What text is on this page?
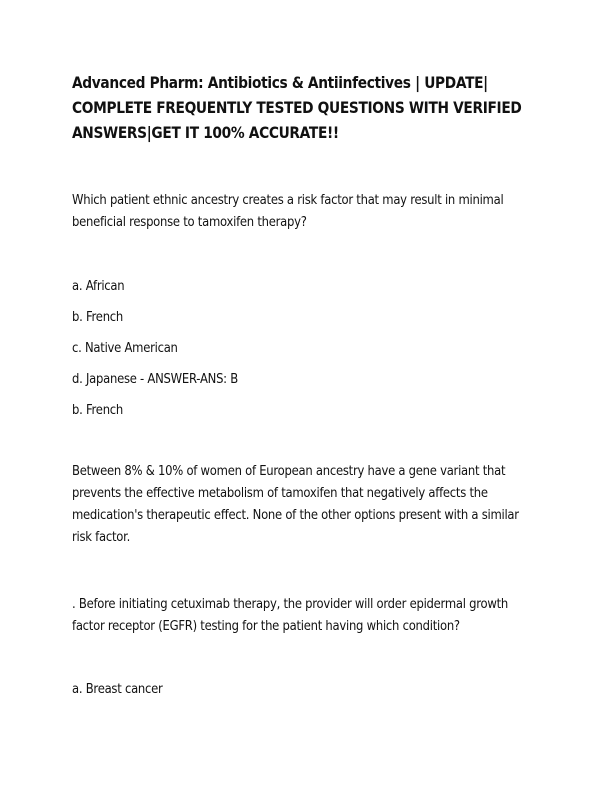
Advanced Pharm: Antibiotics & Antiinfectives | UPDATE| COMPLETE FREQUENTLY TESTED QUESTIONS WITH VERIFIED ANSWERS|GET IT 100% ACCURATE!!

Which patient ethnic ancestry creates a risk factor that may result in minimal beneficial response to tamoxifen therapy?

a. African

b. French

c. Native American

d. Japanese - ANSWER-ANS: B

b. French

Between 8% & 10% of women of European ancestry have a gene variant that prevents the effective metabolism of tamoxifen that negatively affects the medication's therapeutic effect. None of the other options present with a similar risk factor.

. Before initiating cetuximab therapy, the provider will order epidermal growth factor receptor (EGFR) testing for the patient having which condition?

a. Breast cancer
